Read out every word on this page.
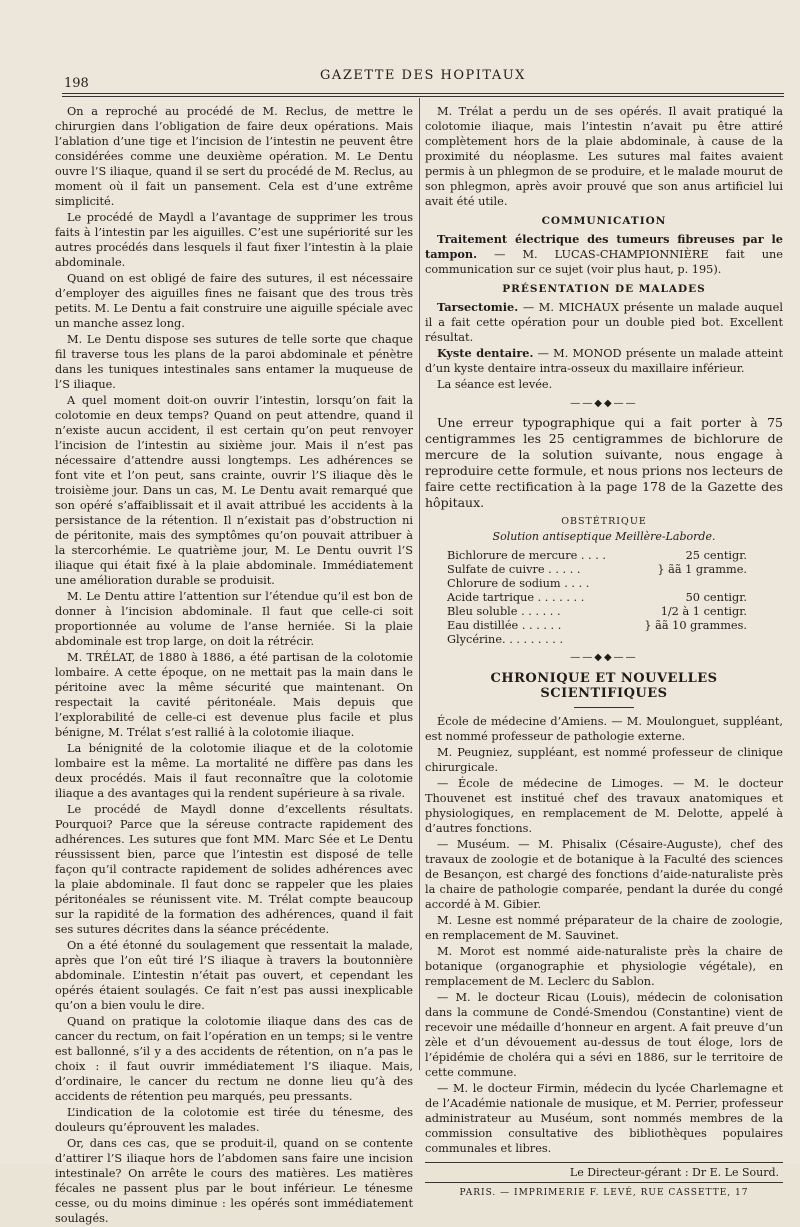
198
GAZETTE DES HOPITAUX

On a reproché au procédé de M. Reclus, de mettre le chirurgien dans l’obligation de faire deux opérations. Mais l’ablation d’une tige et l’incision de l’intestin ne peuvent être considérées comme une deuxième opération. M. Le Dentu ouvre l’S iliaque, quand il se sert du procédé de M. Reclus, au moment où il fait un pansement. Cela est d’une extrême simplicité.

Le procédé de Maydl a l’avantage de supprimer les trous faits à l’intestin par les aiguilles. C’est une supériorité sur les autres procédés dans lesquels il faut fixer l’intestin à la plaie abdominale.

Quand on est obligé de faire des sutures, il est nécessaire d’employer des aiguilles fines ne faisant que des trous très petits. M. Le Dentu a fait construire une aiguille spéciale avec un manche assez long.

M. Le Dentu dispose ses sutures de telle sorte que chaque fil traverse tous les plans de la paroi abdominale et pénètre dans les tuniques intestinales sans entamer la muqueuse de l’S iliaque.

A quel moment doit-on ouvrir l’intestin, lorsqu’on fait la colotomie en deux temps? Quand on peut attendre, quand il n’existe aucun accident, il est certain qu’on peut renvoyer l’incision de l’intestin au sixième jour. Mais il n’est pas nécessaire d’attendre aussi longtemps. Les adhérences se font vite et l’on peut, sans crainte, ouvrir l’S iliaque dès le troisième jour. Dans un cas, M. Le Dentu avait remarqué que son opéré s’affaiblissait et il avait attribué les accidents à la persistance de la rétention. Il n’existait pas d’obstruction ni de péritonite, mais des symptômes qu’on pouvait attribuer à la stercorhémie. Le quatrième jour, M. Le Dentu ouvrit l’S iliaque qui était fixé à la plaie abdominale. Immédiatement une amélioration durable se produisit.

M. Le Dentu attire l’attention sur l’étendue qu’il est bon de donner à l’incision abdominale. Il faut que celle-ci soit proportionnée au volume de l’anse herniée. Si la plaie abdominale est trop large, on doit la rétrécir.

M. TRÉLAT, de 1880 à 1886, a été partisan de la colotomie lombaire. A cette époque, on ne mettait pas la main dans le péritoine avec la même sécurité que maintenant. On respectait la cavité péritonéale. Mais depuis que l’explorabilité de celle-ci est devenue plus facile et plus bénigne, M. Trélat s’est rallié à la colotomie iliaque.

La bénignité de la colotomie iliaque et de la colotomie lombaire est la même. La mortalité ne diffère pas dans les deux procédés. Mais il faut reconnaître que la colotomie iliaque a des avantages qui la rendent supérieure à sa rivale.

Le procédé de Maydl donne d’excellents résultats. Pourquoi? Parce que la séreuse contracte rapidement des adhérences. Les sutures que font MM. Marc Sée et Le Dentu réussissent bien, parce que l’intestin est disposé de telle façon qu’il contracte rapidement de solides adhérences avec la plaie abdominale. Il faut donc se rappeler que les plaies péritonéales se réunissent vite. M. Trélat compte beaucoup sur la rapidité de la formation des adhérences, quand il fait ses sutures décrites dans la séance précédente.

On a été étonné du soulagement que ressentait la malade, après que l’on eût tiré l’S iliaque à travers la boutonnière abdominale. L’intestin n’était pas ouvert, et cependant les opérés étaient soulagés. Ce fait n’est pas aussi inexplicable qu’on a bien voulu le dire.

Quand on pratique la colotomie iliaque dans des cas de cancer du rectum, on fait l’opération en un temps; si le ventre est ballonné, s’il y a des accidents de rétention, on n’a pas le choix : il faut ouvrir immédiatement l’S iliaque. Mais, d’ordinaire, le cancer du rectum ne donne lieu qu’à des accidents de rétention peu marqués, peu pressants.

L’indication de la colotomie est tirée du ténesme, des douleurs qu’éprouvent les malades.

Or, dans ces cas, que se produit-il, quand on se contente d’attirer l’S iliaque hors de l’abdomen sans faire une incision intestinale? On arrête le cours des matières. Les matières fécales ne passent plus par le bout inférieur. Le ténesme cesse, ou du moins diminue : les opérés sont immédiatement soulagés.

M. Trélat a perdu un de ses opérés. Il avait pratiqué la colotomie iliaque, mais l’intestin n’avait pu être attiré complètement hors de la plaie abdominale, à cause de la proximité du néoplasme. Les sutures mal faites avaient permis à un phlegmon de se produire, et le malade mourut de son phlegmon, après avoir prouvé que son anus artificiel lui avait été utile.

COMMUNICATION

Traitement électrique des tumeurs fibreuses par le tampon. — M. LUCAS-CHAMPIONNIÈRE fait une communication sur ce sujet (voir plus haut, p. 195).

PRÉSENTATION DE MALADES

Tarsectomie. — M. MICHAUX présente un malade auquel il a fait cette opération pour un double pied bot. Excellent résultat.

Kyste dentaire. — M. MONOD présente un malade atteint d’un kyste dentaire intra-osseux du maxillaire inférieur.

La séance est levée.

——◆◆——

Une erreur typographique qui a fait porter à 75 centigrammes les 25 centigrammes de bichlorure de mercure de la solution suivante, nous engage à reproduire cette formule, et nous prions nos lecteurs de faire cette rectification à la page 178 de la Gazette des hôpitaux.

OBSTÉTRIQUE
Solution antiseptique Meillère-Laborde.
Bichlorure de mercure . . . .	25 centigr.
Sulfate de cuivre . . . . .	} ãã 1 gramme.
Chlorure de sodium . . . .
Acide tartrique . . . . . . .	50 centigr.
Bleu soluble . . . . . .	1/2 à 1 centigr.
Eau distillée . . . . . .	} ãã 10 grammes.
Glycérine. . . . . . . . .
——◆◆——
CHRONIQUE ET NOUVELLES SCIENTIFIQUES

École de médecine d’Amiens. — M. Moulonguet, suppléant, est nommé professeur de pathologie externe.

M. Peugniez, suppléant, est nommé professeur de clinique chirurgicale.

— École de médecine de Limoges. — M. le docteur Thouvenet est institué chef des travaux anatomiques et physiologiques, en remplacement de M. Delotte, appelé à d’autres fonctions.

— Muséum. — M. Phisalix (Césaire-Auguste), chef des travaux de zoologie et de botanique à la Faculté des sciences de Besançon, est chargé des fonctions d’aide-naturaliste près la chaire de pathologie comparée, pendant la durée du congé accordé à M. Gibier.

M. Lesne est nommé préparateur de la chaire de zoologie, en remplacement de M. Sauvinet.

M. Morot est nommé aide-naturaliste près la chaire de botanique (organographie et physiologie végétale), en remplacement de M. Leclerc du Sablon.

— M. le docteur Ricau (Louis), médecin de colonisation dans la commune de Condé-Smendou (Constantine) vient de recevoir une médaille d’honneur en argent. A fait preuve d’un zèle et d’un dévouement au-dessus de tout éloge, lors de l’épidémie de choléra qui a sévi en 1886, sur le territoire de cette commune.

— M. le docteur Firmin, médecin du lycée Charlemagne et de l’Académie nationale de musique, et M. Perrier, professeur administrateur au Muséum, sont nommés membres de la commission consultative des bibliothèques populaires communales et libres.

Le Directeur-gérant : Dr E. Le Sourd.
PARIS. — IMPRIMERIE F. LEVÉ, RUE CASSETTE, 17
